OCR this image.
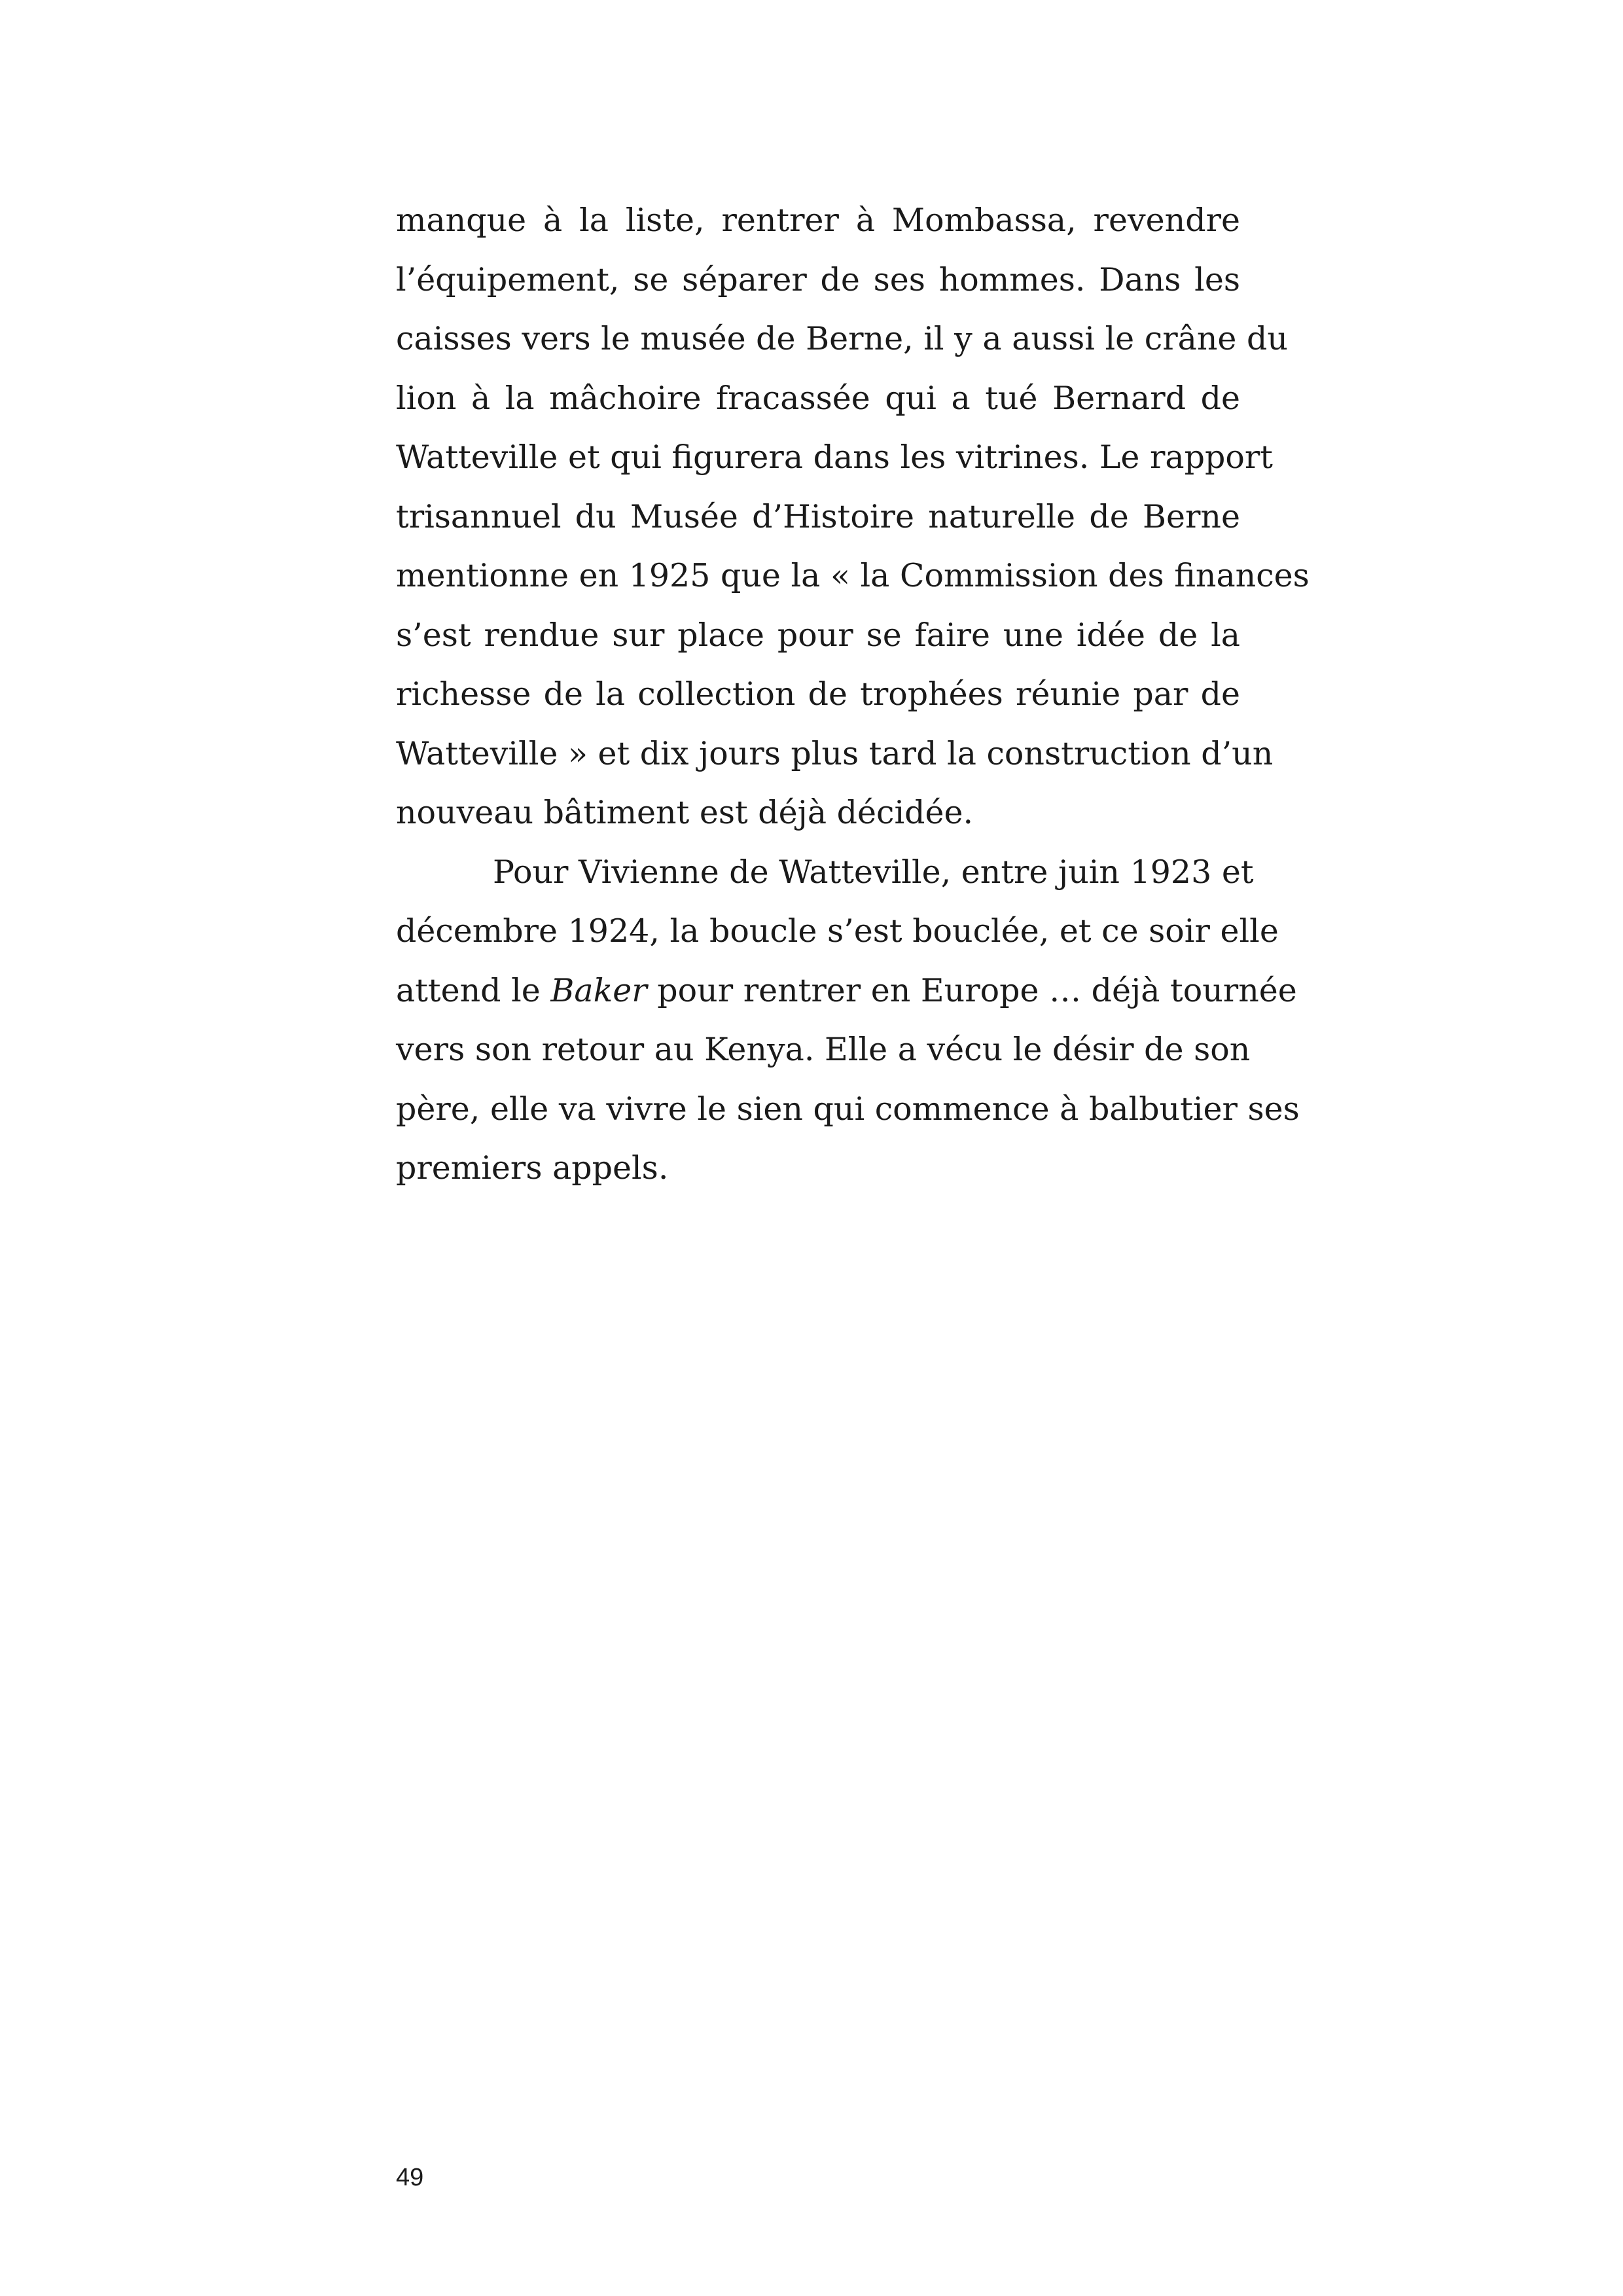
manque à la liste, rentrer à Mombassa, revendre
l’équipement, se séparer de ses hommes. Dans les
caisses vers le musée de Berne, il y a aussi le crâne du
lion à la mâchoire fracassée qui a tué Bernard de
Watteville et qui figurera dans les vitrines. Le rapport
trisannuel du Musée d’Histoire naturelle de Berne
mentionne en 1925 que la « la Commission des finances
s’est rendue sur place pour se faire une idée de la
richesse de la collection de trophées réunie par de
Watteville » et dix jours plus tard la construction d’un
nouveau bâtiment est déjà décidée.
Pour Vivienne de Watteville, entre juin 1923 et
décembre 1924, la boucle s’est bouclée, et ce soir elle
attend le Baker pour rentrer en Europe … déjà tournée
vers son retour au Kenya. Elle a vécu le désir de son
père, elle va vivre le sien qui commence à balbutier ses
premiers appels.
49
